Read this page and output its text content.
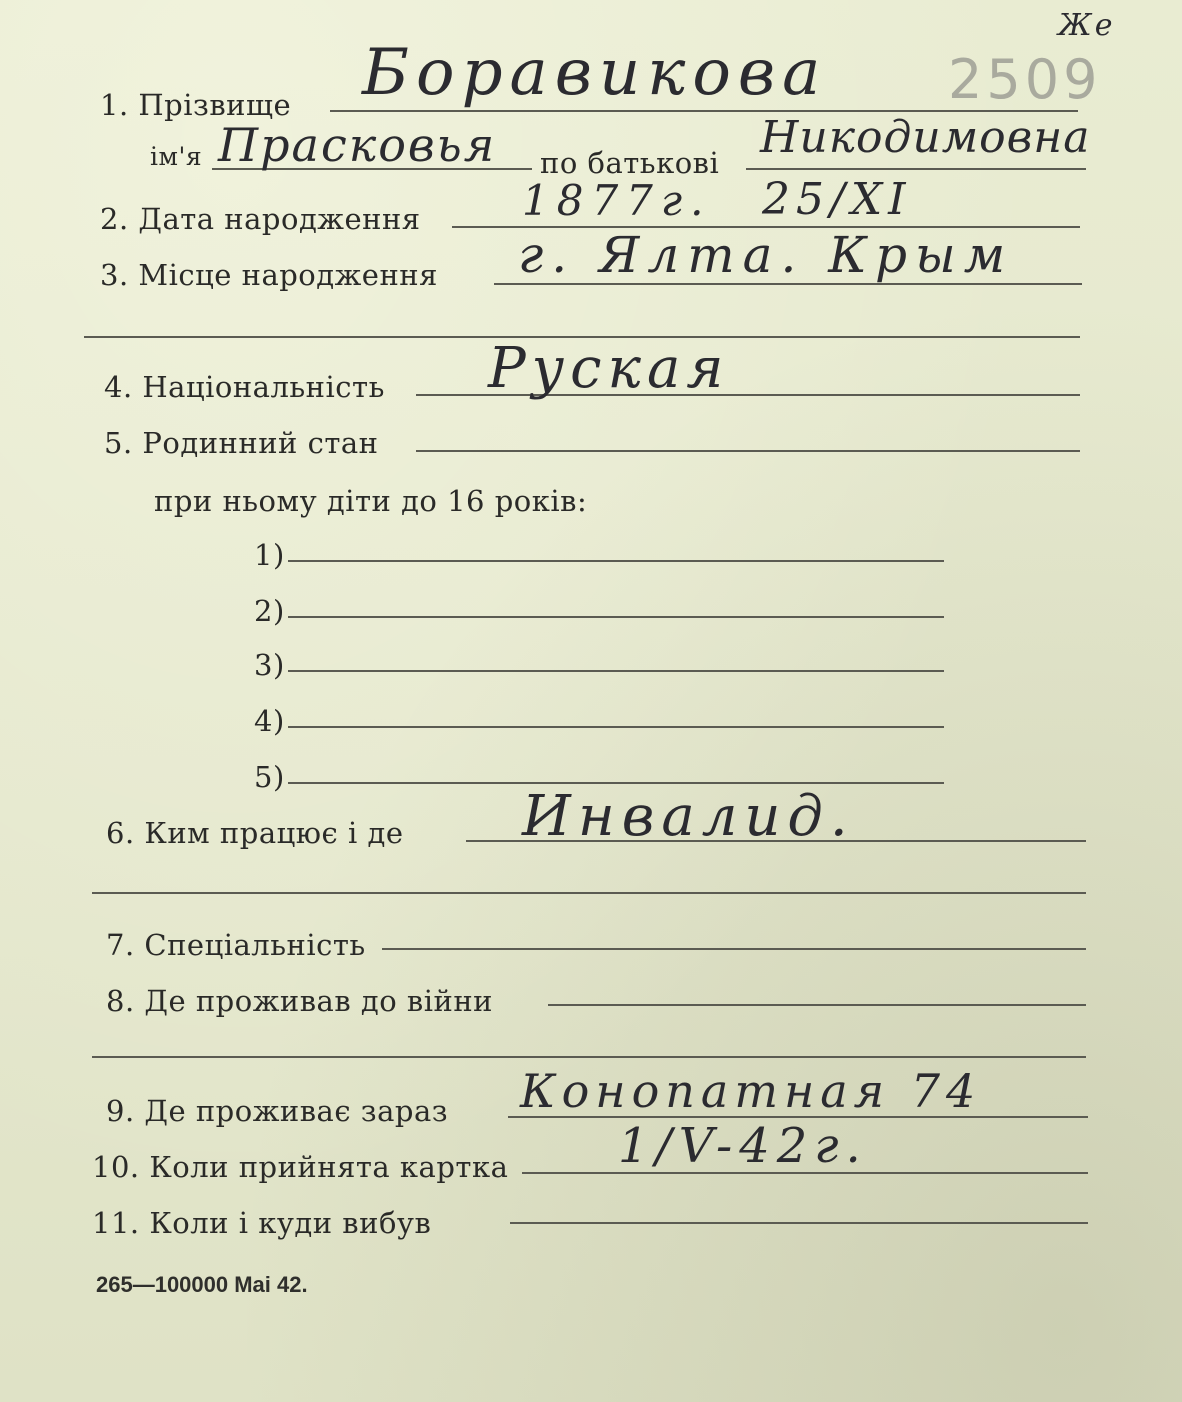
Же
2509
1. Прізвище Боравикова
ім'я Прасковья по батькові Никодимовна
2. Дата народження 1877г. 25/XI
3. Місце народження г. Ялта. Крым
4. Національність Руская
5. Родинний стан
при ньому діти до 16 років:
1)
2)
3)
4)
5)
6. Ким працює і де Инвалид.
7. Спеціальність
8. Де проживав до війни
9. Де проживає зараз Конопатная 74
10. Коли прийнята картка 1/V-42г.
11. Коли і куди вибув
265—100000 Mai 42.
